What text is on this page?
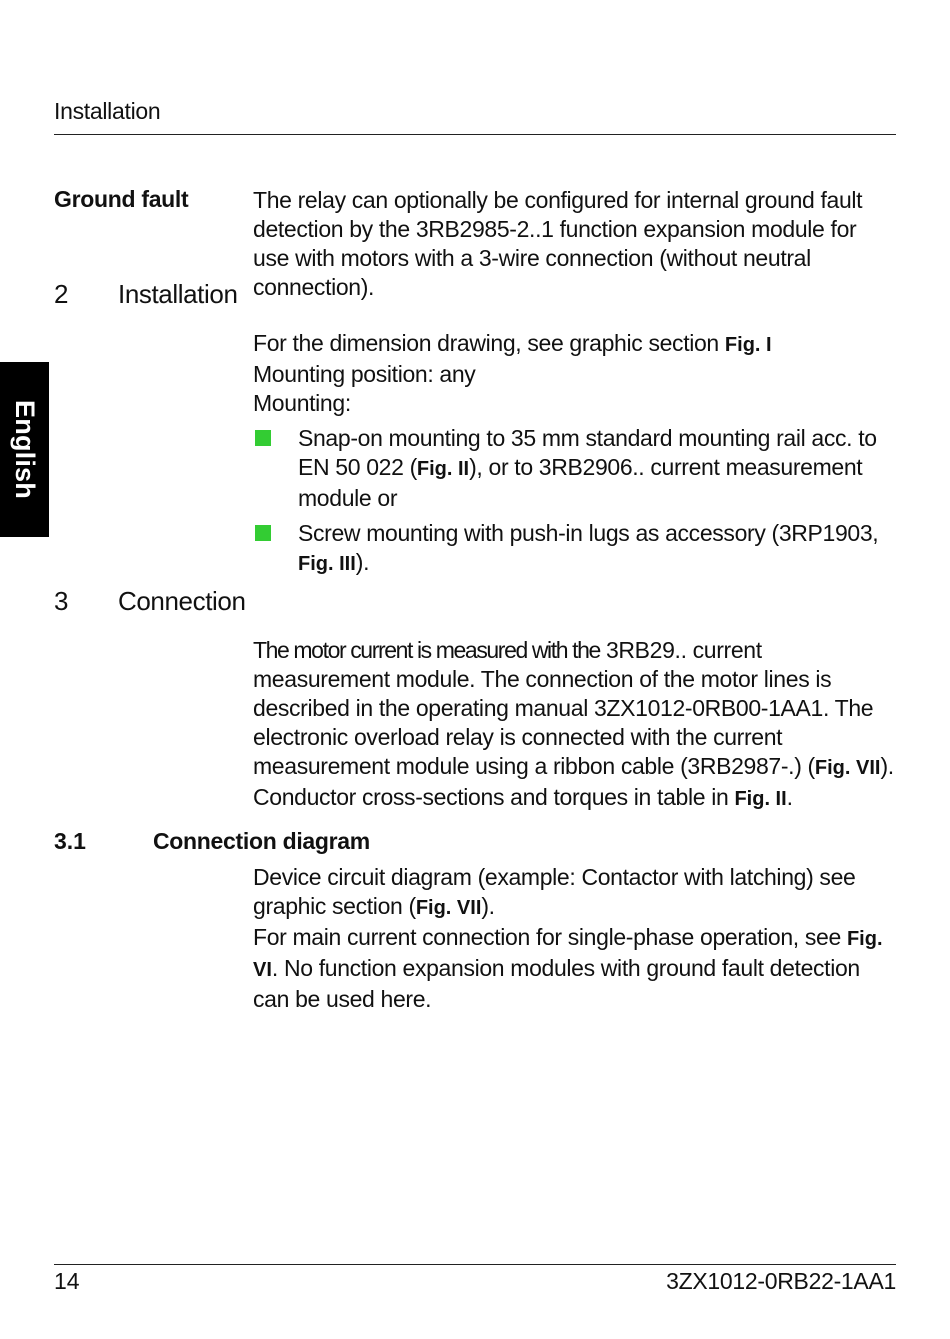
Installation
English
Ground fault	The relay can optionally be configured for internal ground fault detection by the 3RB2985-2..1 function expansion module for use with motors with a 3-wire connection (without neutral connection).

2 Installation

For the dimension drawing, see graphic section Fig. I

Mounting position: any

Mounting:

Snap-on mounting to 35 mm standard mounting rail acc. to EN 50 022 (Fig. II), or to 3RB2906.. current measurement module or
Screw mounting with push-in lugs as accessory (3RP1903, Fig. III).
3 Connection

The motor current is measured with the 3RB29.. current measurement module. The connection of the motor lines is described in the operating manual 3ZX1012-0RB00-1AA1. The electronic overload relay is connected with the current measurement module using a ribbon cable (3RB2987-.) (Fig. VII).

Conductor cross-sections and torques in table in Fig. II.

3.1	Connection diagram

Device circuit diagram (example: Contactor with latching) see graphic section (Fig. VII).

For main current connection for single-phase operation, see Fig. VI. No function expansion modules with ground fault detection can be used here.

14	3ZX1012-0RB22-1AA1
